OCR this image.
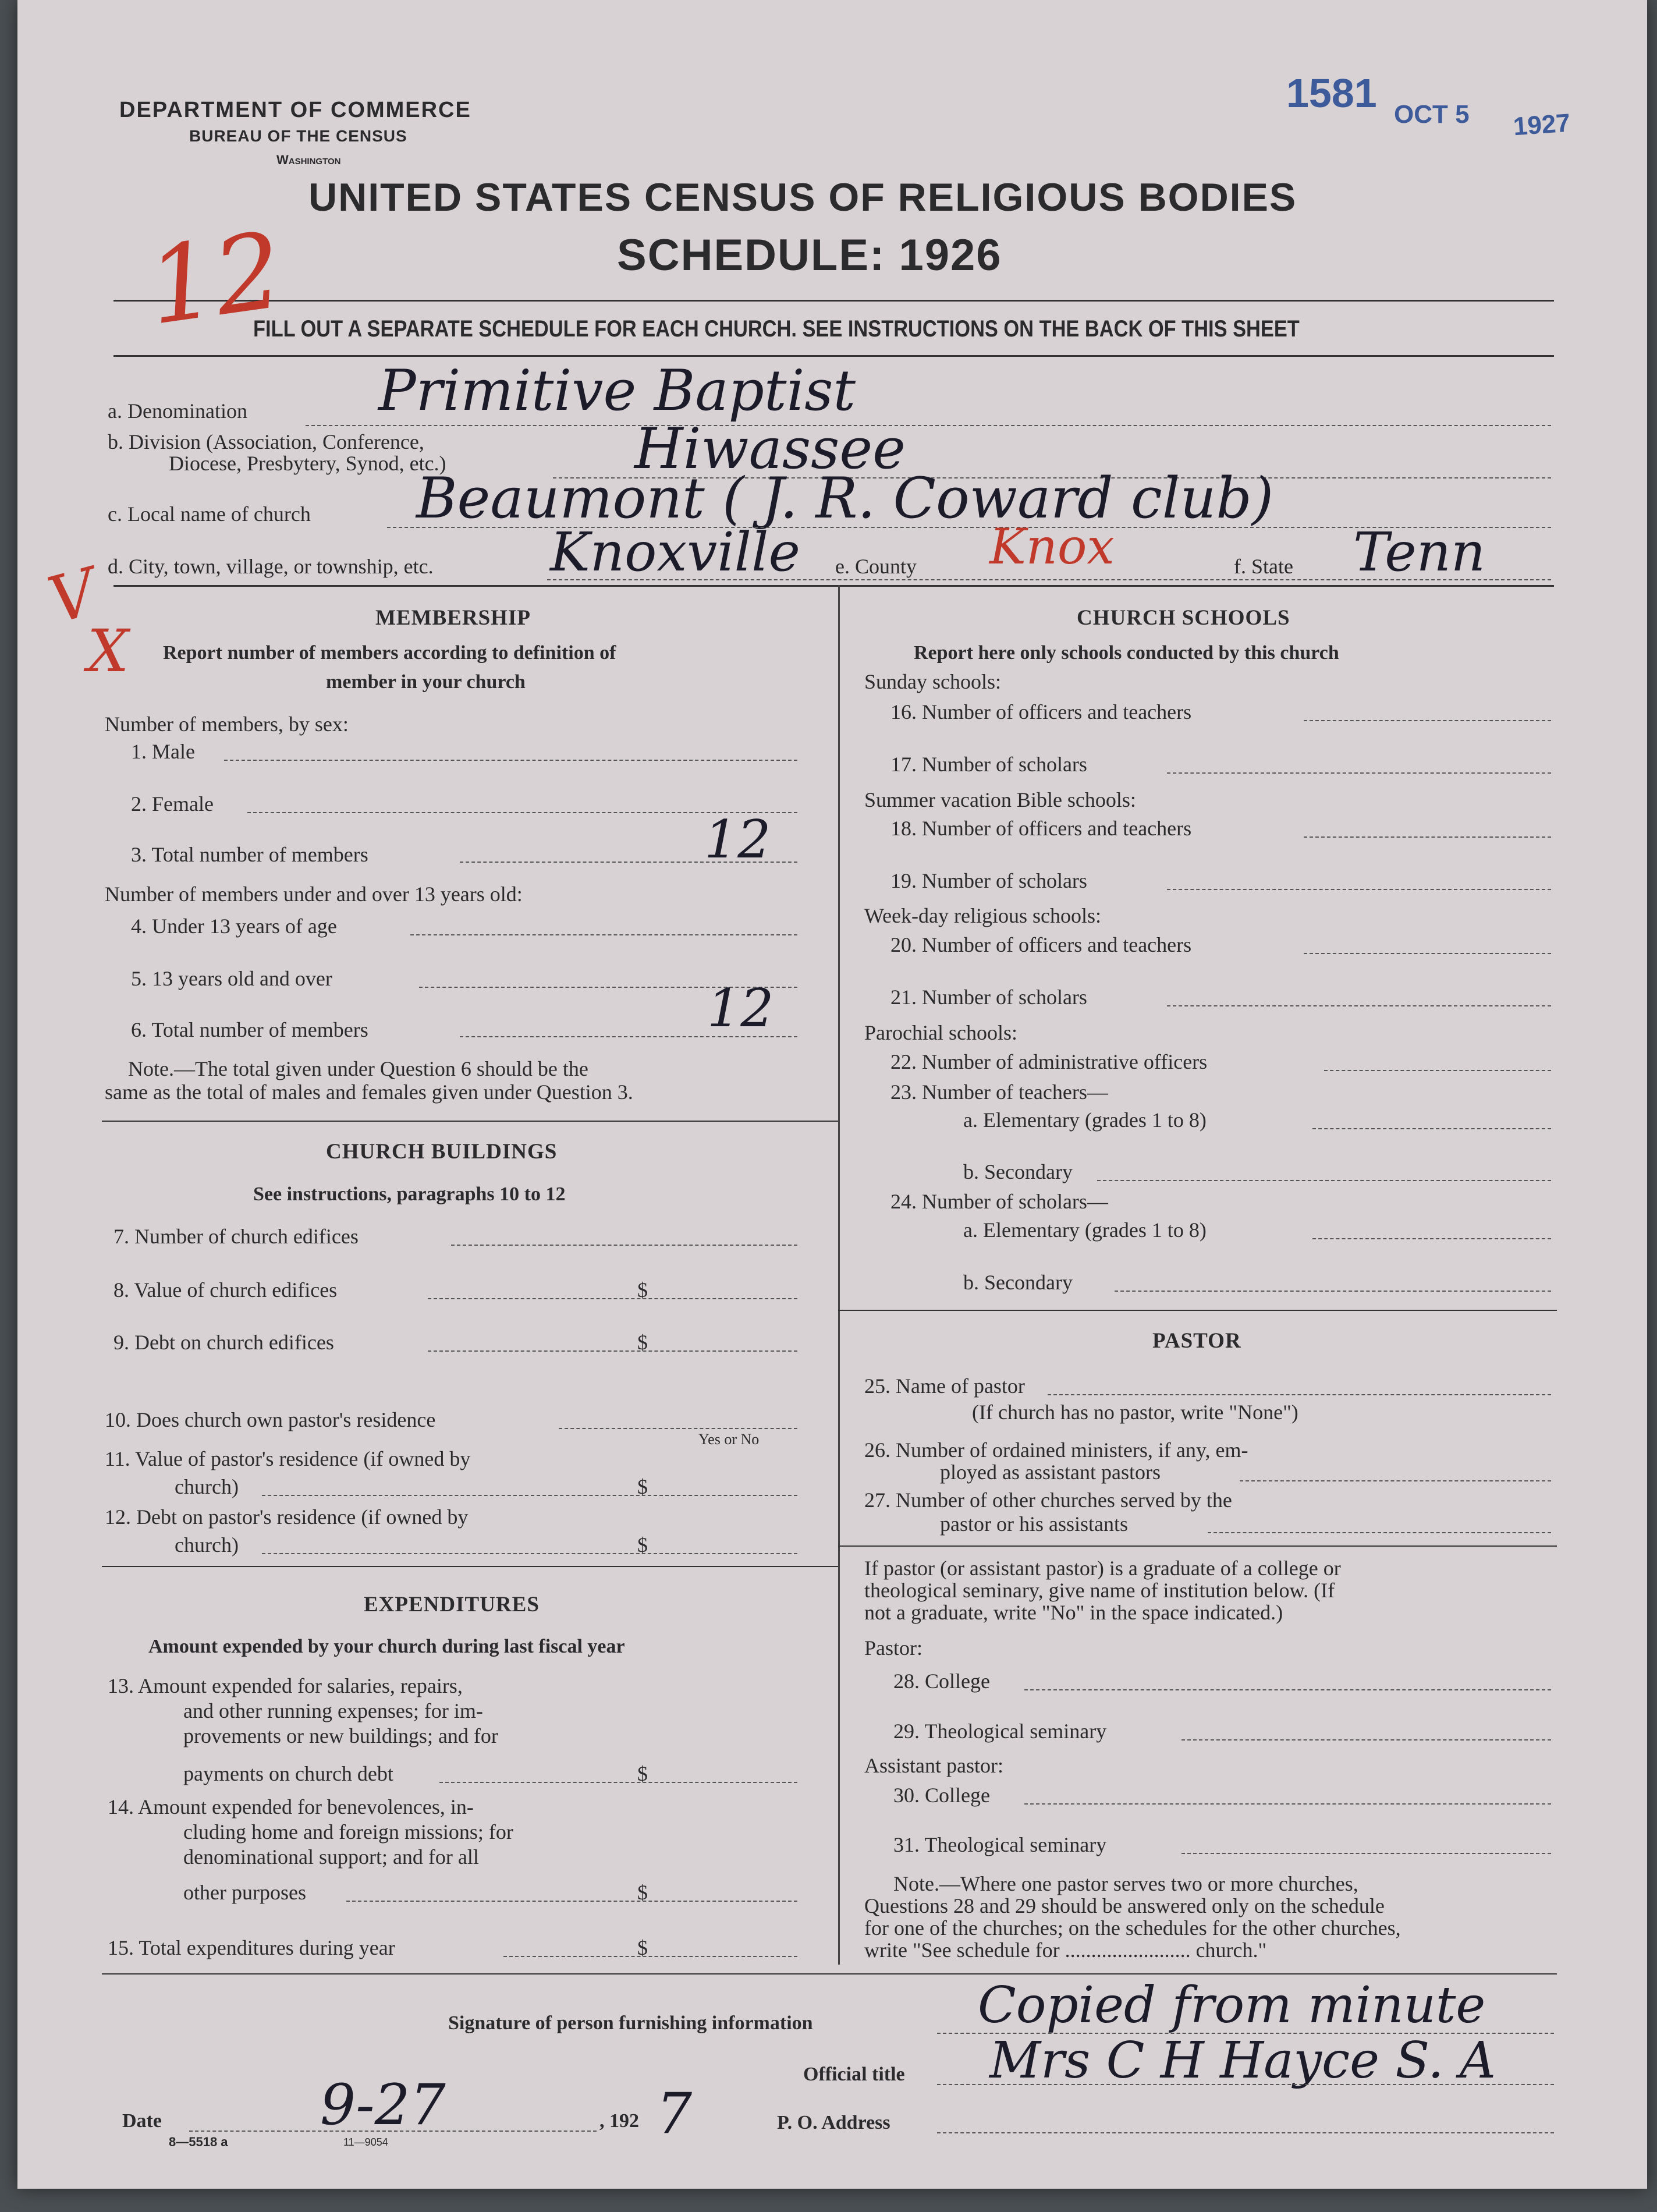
DEPARTMENT OF COMMERCE
BUREAU OF THE CENSUS
Washington
UNITED STATES CENSUS OF RELIGIOUS BODIES
SCHEDULE: 1926
FILL OUT A SEPARATE SCHEDULE FOR EACH CHURCH. SEE INSTRUCTIONS ON THE BACK OF THIS SHEET
1581 OCT 5 1927
12
a. Denomination Primitive Baptist
b. Division (Association, Conference,
Diocese, Presbytery, Synod, etc.)	Hiwassee
c. Local name of church Beaumont ( J. R. Coward club)
d. City, town, village, or township, etc. Knoxville e. County Knox	f. State Tenn
V
X	MEMBERSHIP
Report number of members according to definition of
member in your church
Number of members, by sex:
1. Male
2. Female
3. Total number of members	12
Number of members under and over 13 years old:
4. Under 13 years of age
5. 13 years old and over
6. Total number of members	12
Note.—The total given under Question 6 should be the
same as the total of males and females given under Question 3.
CHURCH BUILDINGS
See instructions, paragraphs 10 to 12
7. Number of church edifices
8. Value of church edifices	$
9. Debt on church edifices	$
10. Does church own pastor's residence
Yes or No
11. Value of pastor's residence (if owned by
church)	$
12. Debt on pastor's residence (if owned by
church)	$
EXPENDITURES
Amount expended by your church during last fiscal year
13. Amount expended for salaries, repairs,
and other running expenses; for im-
provements or new buildings; and for
payments on church debt	$
14. Amount expended for benevolences, in-
cluding home and foreign missions; for
denominational support; and for all
other purposes	$
15. Total expenditures during year	$
CHURCH SCHOOLS
Report here only schools conducted by this church
Sunday schools:
16. Number of officers and teachers
17. Number of scholars
Summer vacation Bible schools:
18. Number of officers and teachers
19. Number of scholars
Week-day religious schools:
20. Number of officers and teachers
21. Number of scholars
Parochial schools:
22. Number of administrative officers
23. Number of teachers—
a. Elementary (grades 1 to 8)
b. Secondary
24. Number of scholars—
a. Elementary (grades 1 to 8)
b. Secondary
PASTOR
25. Name of pastor
(If church has no pastor, write "None")
26. Number of ordained ministers, if any, em-
ployed as assistant pastors
27. Number of other churches served by the
pastor or his assistants
If pastor (or assistant pastor) is a graduate of a college or
theological seminary, give name of institution below. (If
not a graduate, write "No" in the space indicated.)
Pastor:
28. College
29. Theological seminary
Assistant pastor:
30. College
31. Theological seminary
Note.—Where one pastor serves two or more churches,
Questions 28 and 29 should be answered only on the schedule
for one of the churches; on the schedules for the other churches,
write "See schedule for ........................ church."
Signature of person furnishing information	Copied from minute
Official title Mrs C H Hayce S. A
Date	9-27	, 192 7	P. O. Address
8—5518 a	11—9054
